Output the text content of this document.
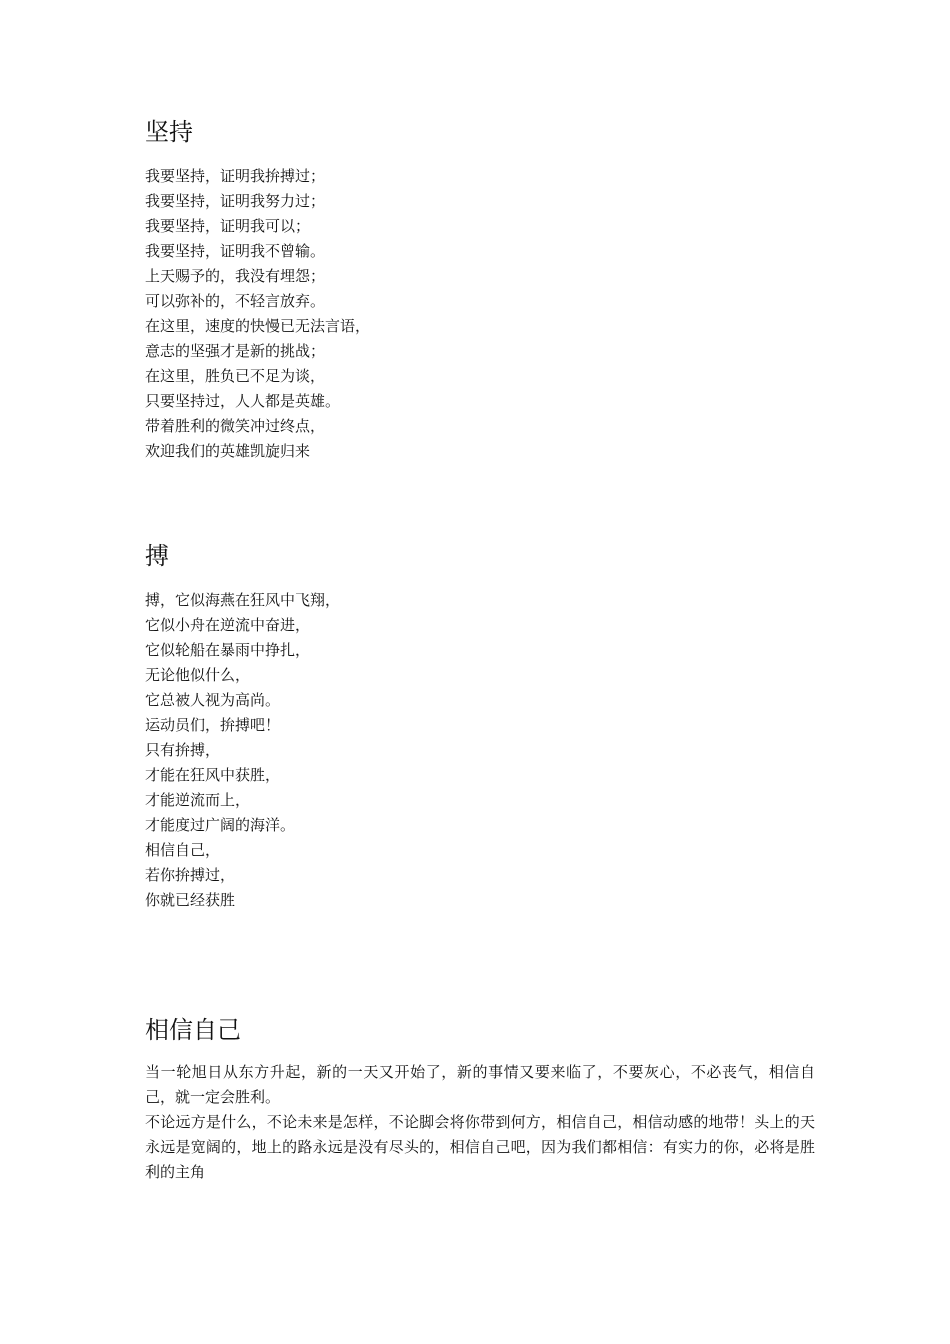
坚持
我要坚持，证明我拚搏过；
我要坚持，证明我努力过；
我要坚持，证明我可以；
我要坚持，证明我不曾输。
上天赐予的，我没有埋怨；
可以弥补的，不轻言放弃。
在这里，速度的快慢已无法言语，
意志的坚强才是新的挑战；
在这里，胜负已不足为谈，
只要坚持过，人人都是英雄。
带着胜利的微笑冲过终点，
欢迎我们的英雄凯旋归来
搏
搏，它似海燕在狂风中飞翔，
它似小舟在逆流中奋进，
它似轮船在暴雨中挣扎，
无论他似什么，
它总被人视为高尚。
运动员们，拚搏吧！
只有拚搏，
才能在狂风中获胜，
才能逆流而上，
才能度过广阔的海洋。
相信自己，
若你拚搏过，
你就已经获胜
相信自己

当一轮旭日从东方升起，新的一天又开始了，新的事情又要来临了，不要灰心，不必丧气，相信自己，就一定会胜利。

不论远方是什么，不论未来是怎样，不论脚会将你带到何方，相信自己，相信动感的地带！头上的天永远是宽阔的，地上的路永远是没有尽头的，相信自己吧，因为我们都相信：有实力的你，必将是胜利的主角
